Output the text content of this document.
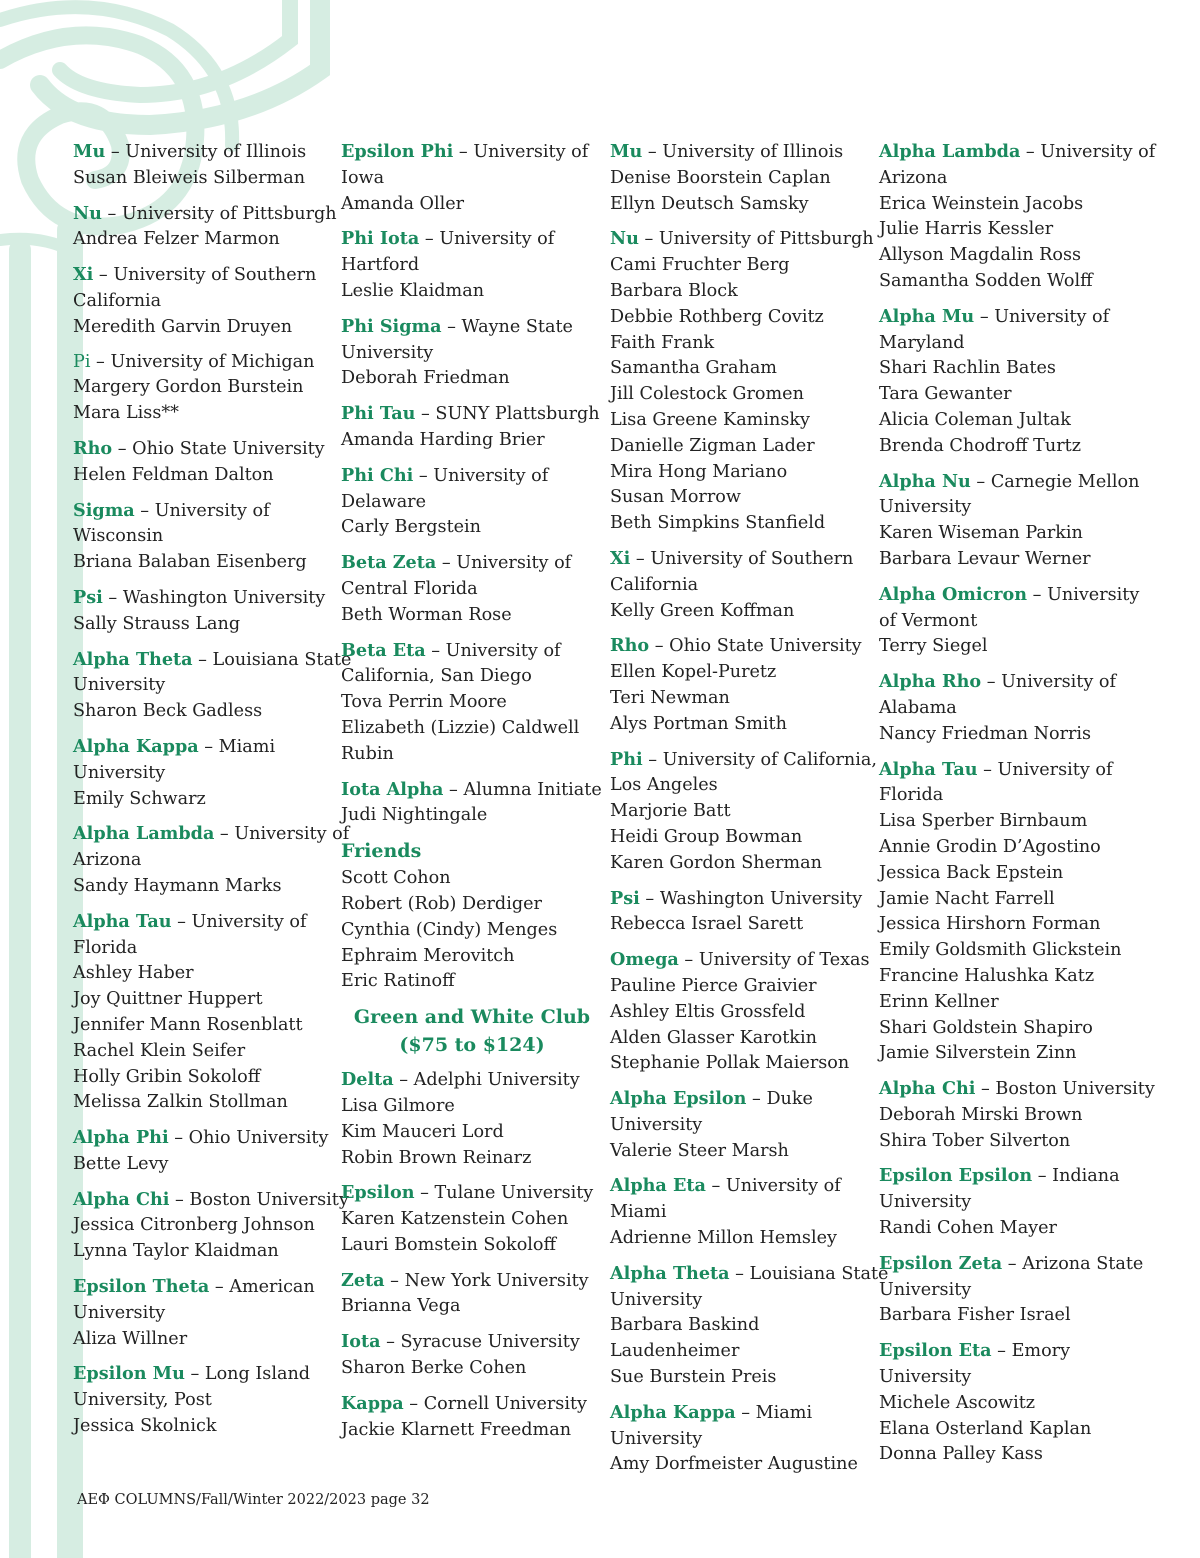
Mu – University of Illinois
Susan Bleiweis Silberman
Nu – University of Pittsburgh
Andrea Felzer Marmon
Xi – University of Southern
California
Meredith Garvin Druyen
Pi – University of Michigan
Margery Gordon Burstein
Mara Liss**
Rho – Ohio State University
Helen Feldman Dalton
Sigma – University of
Wisconsin
Briana Balaban Eisenberg
Psi – Washington University
Sally Strauss Lang
Alpha Theta – Louisiana State
University
Sharon Beck Gadless
Alpha Kappa – Miami
University
Emily Schwarz
Alpha Lambda – University of
Arizona
Sandy Haymann Marks
Alpha Tau – University of
Florida
Ashley Haber
Joy Quittner Huppert
Jennifer Mann Rosenblatt
Rachel Klein Seifer
Holly Gribin Sokoloff
Melissa Zalkin Stollman
Alpha Phi – Ohio University
Bette Levy
Alpha Chi – Boston University
Jessica Citronberg Johnson
Lynna Taylor Klaidman
Epsilon Theta – American
University
Aliza Willner
Epsilon Mu – Long Island
University, Post
Jessica Skolnick
Epsilon Phi – University of
Iowa
Amanda Oller
Phi Iota – University of
Hartford
Leslie Klaidman
Phi Sigma – Wayne State
University
Deborah Friedman
Phi Tau – SUNY Plattsburgh
Amanda Harding Brier
Phi Chi – University of
Delaware
Carly Bergstein
Beta Zeta – University of
Central Florida
Beth Worman Rose
Beta Eta – University of
California, San Diego
Tova Perrin Moore
Elizabeth (Lizzie) Caldwell
Rubin
Iota Alpha – Alumna Initiate
Judi Nightingale
Friends
Scott Cohon
Robert (Rob) Derdiger
Cynthia (Cindy) Menges
Ephraim Merovitch
Eric Ratinoff
Green and White Club
($75 to $124)
Delta – Adelphi University
Lisa Gilmore
Kim Mauceri Lord
Robin Brown Reinarz
Epsilon – Tulane University
Karen Katzenstein Cohen
Lauri Bomstein Sokoloff
Zeta – New York University
Brianna Vega
Iota – Syracuse University
Sharon Berke Cohen
Kappa – Cornell University
Jackie Klarnett Freedman
Mu – University of Illinois
Denise Boorstein Caplan
Ellyn Deutsch Samsky
Nu – University of Pittsburgh
Cami Fruchter Berg
Barbara Block
Debbie Rothberg Covitz
Faith Frank
Samantha Graham
Jill Colestock Gromen
Lisa Greene Kaminsky
Danielle Zigman Lader
Mira Hong Mariano
Susan Morrow
Beth Simpkins Stanfield
Xi – University of Southern
California
Kelly Green Koffman
Rho – Ohio State University
Ellen Kopel-Puretz
Teri Newman
Alys Portman Smith
Phi – University of California,
Los Angeles
Marjorie Batt
Heidi Group Bowman
Karen Gordon Sherman
Psi – Washington University
Rebecca Israel Sarett
Omega – University of Texas
Pauline Pierce Graivier
Ashley Eltis Grossfeld
Alden Glasser Karotkin
Stephanie Pollak Maierson
Alpha Epsilon – Duke
University
Valerie Steer Marsh
Alpha Eta – University of
Miami
Adrienne Millon Hemsley
Alpha Theta – Louisiana State
University
Barbara Baskind
Laudenheimer
Sue Burstein Preis
Alpha Kappa – Miami
University
Amy Dorfmeister Augustine
Alpha Lambda – University of
Arizona
Erica Weinstein Jacobs
Julie Harris Kessler
Allyson Magdalin Ross
Samantha Sodden Wolff
Alpha Mu – University of
Maryland
Shari Rachlin Bates
Tara Gewanter
Alicia Coleman Jultak
Brenda Chodroff Turtz
Alpha Nu – Carnegie Mellon
University
Karen Wiseman Parkin
Barbara Levaur Werner
Alpha Omicron – University
of Vermont
Terry Siegel
Alpha Rho – University of
Alabama
Nancy Friedman Norris
Alpha Tau – University of
Florida
Lisa Sperber Birnbaum
Annie Grodin D’Agostino
Jessica Back Epstein
Jamie Nacht Farrell
Jessica Hirshorn Forman
Emily Goldsmith Glickstein
Francine Halushka Katz
Erinn Kellner
Shari Goldstein Shapiro
Jamie Silverstein Zinn
Alpha Chi – Boston University
Deborah Mirski Brown
Shira Tober Silverton
Epsilon Epsilon – Indiana
University
Randi Cohen Mayer
Epsilon Zeta – Arizona State
University
Barbara Fisher Israel
Epsilon Eta – Emory
University
Michele Ascowitz
Elana Osterland Kaplan
Donna Palley Kass
ΑΕΦ COLUMNS/Fall/Winter 2022/2023 page 32
